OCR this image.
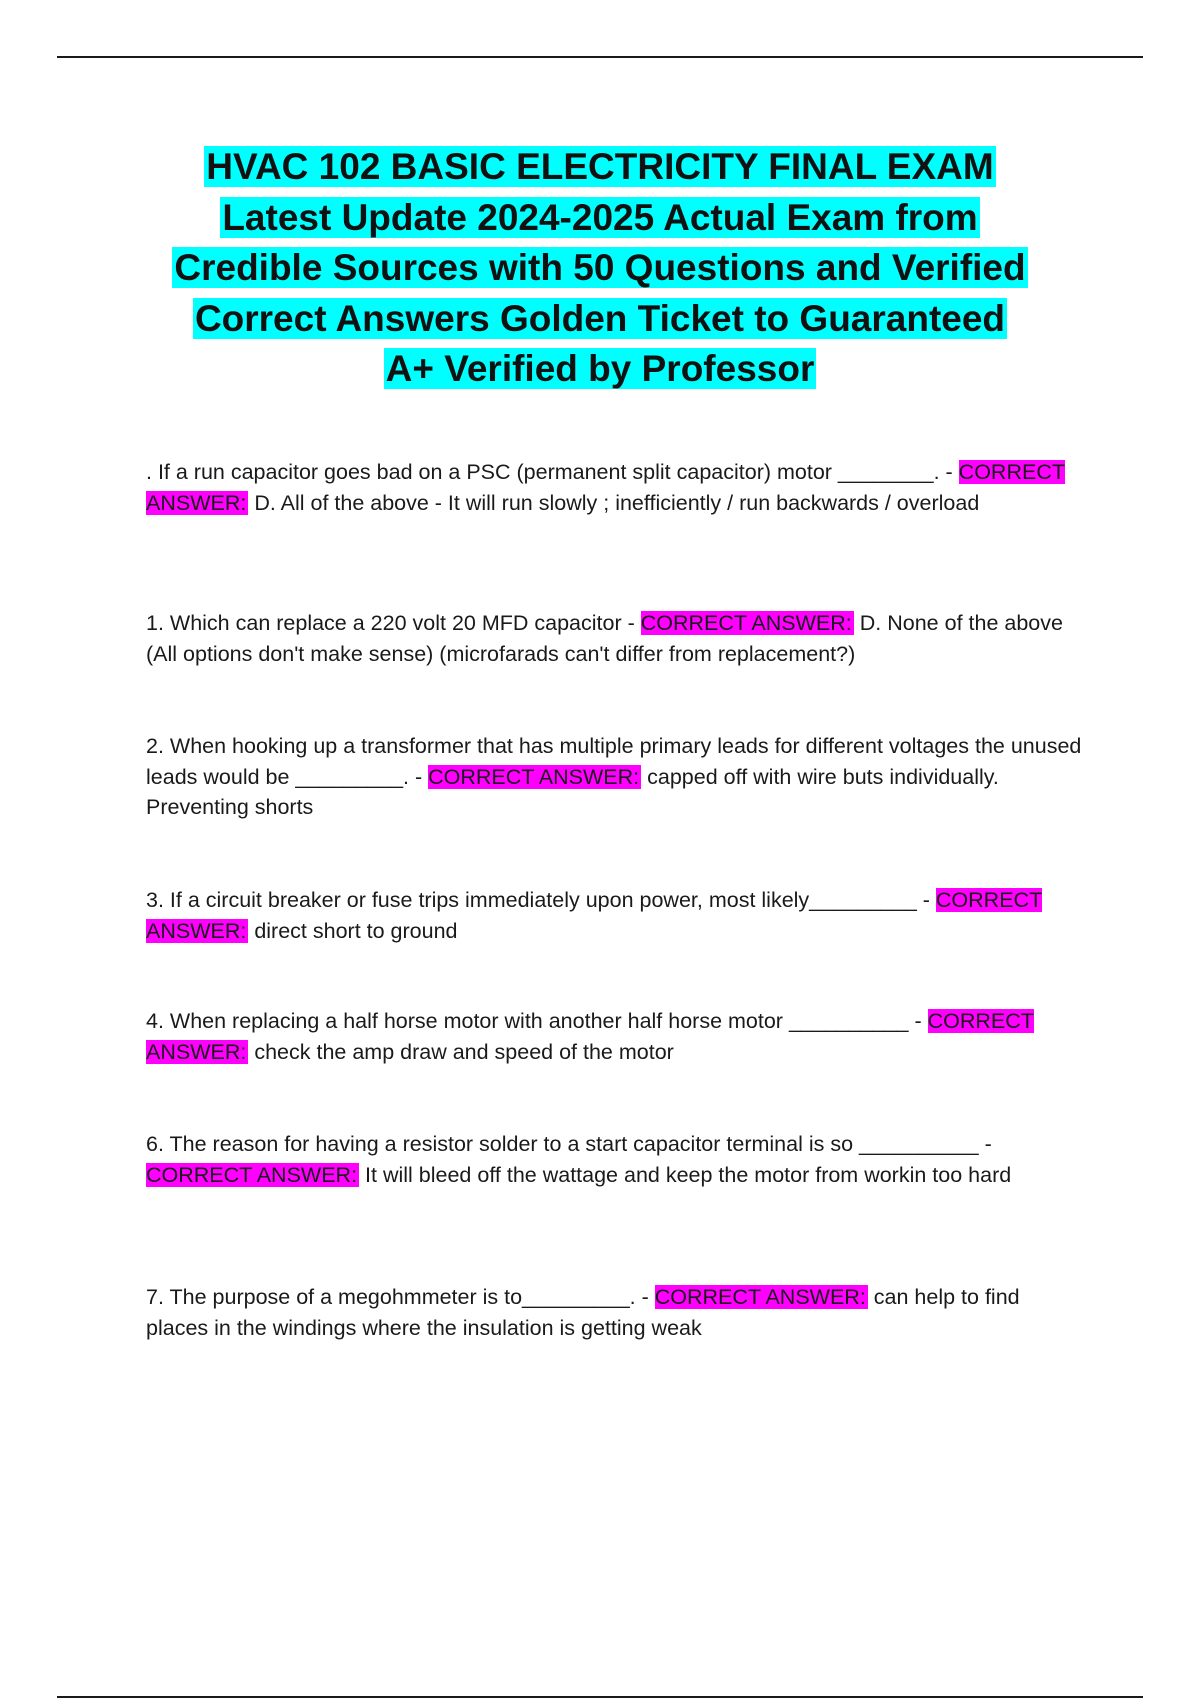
HVAC 102 BASIC ELECTRICITY FINAL EXAM
Latest Update 2024-2025 Actual Exam from
Credible Sources with 50 Questions and Verified
Correct Answers Golden Ticket to Guaranteed
A+ Verified by Professor

. If a run capacitor goes bad on a PSC (permanent split capacitor) motor ________. - CORRECT ANSWER: D. All of the above - It will run slowly ; inefficiently / run backwards / overload

1. Which can replace a 220 volt 20 MFD capacitor - CORRECT ANSWER: D. None of the above (All options don't make sense) (microfarads can't differ from replacement?)

2. When hooking up a transformer that has multiple primary leads for different voltages the unused leads would be _________. - CORRECT ANSWER: capped off with wire buts individually. Preventing shorts

3. If a circuit breaker or fuse trips immediately upon power, most likely_________ - CORRECT ANSWER: direct short to ground

4. When replacing a half horse motor with another half horse motor __________ - CORRECT ANSWER: check the amp draw and speed of the motor

6. The reason for having a resistor solder to a start capacitor terminal is so __________ - CORRECT ANSWER: It will bleed off the wattage and keep the motor from workin too hard

7. The purpose of a megohmmeter is to_________. - CORRECT ANSWER: can help to find places in the windings where the insulation is getting weak
